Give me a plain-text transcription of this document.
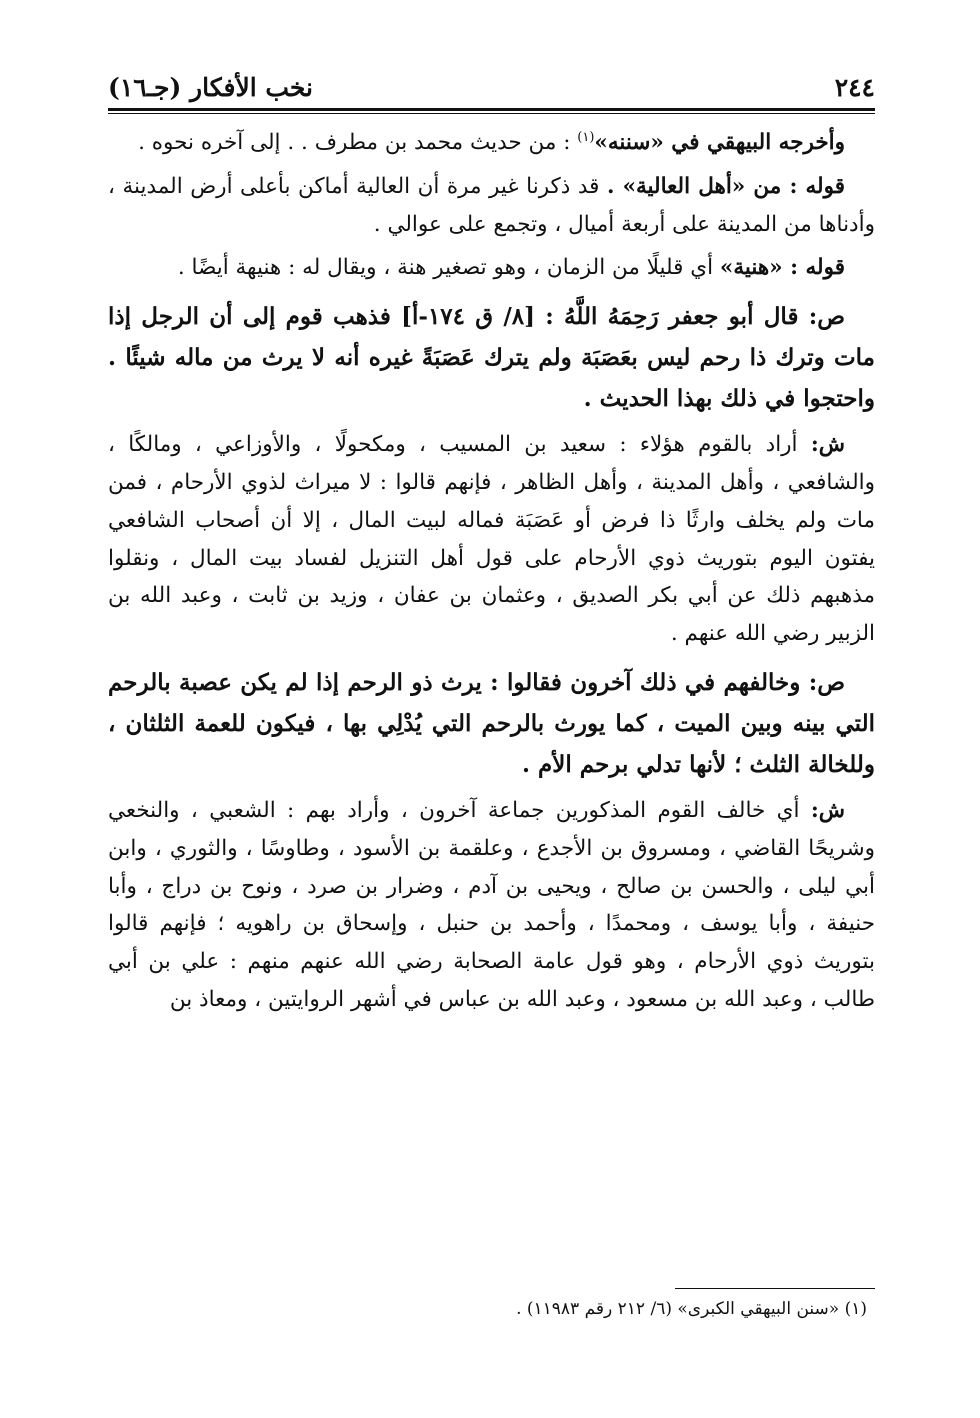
٢٤٤
نخب الأفكار (جـ١٦)

وأخرجه البيهقي في «سننه»$^{(١)}$ : من حديث محمد بن مطرف . . إلى آخره نحوه .

قوله : من «أهل العالية» . قد ذكرنا غير مرة أن العالية أماكن بأعلى أرض المدينة ، وأدناها من المدينة على أربعة أميال ، وتجمع على عوالي .

قوله : «هنية» أي قليلًا من الزمان ، وهو تصغير هنة ، ويقال له : هنيهة أيضًا .

ص: قال أبو جعفر رَحِمَهُ اللَّهُ : [٨/ ق ١٧٤-أ] فذهب قوم إلى أن الرجل إذا مات وترك ذا رحم ليس بعَصَبَة ولم يترك عَصَبَةً غيره أنه لا يرث من ماله شيئًا . واحتجوا في ذلك بهذا الحديث .

ش: أراد بالقوم هؤلاء : سعيد بن المسيب ، ومكحولًا ، والأوزاعي ، ومالكًا ، والشافعي ، وأهل المدينة ، وأهل الظاهر ، فإنهم قالوا : لا ميراث لذوي الأرحام ، فمن مات ولم يخلف وارثًا ذا فرض أو عَصَبَة فماله لبيت المال ، إلا أن أصحاب الشافعي يفتون اليوم بتوريث ذوي الأرحام على قول أهل التنزيل لفساد بيت المال ، ونقلوا مذهبهم ذلك عن أبي بكر الصديق ، وعثمان بن عفان ، وزيد بن ثابت ، وعبد الله بن الزبير رضي الله عنهم .

ص: وخالفهم في ذلك آخرون فقالوا : يرث ذو الرحم إذا لم يكن عصبة بالرحم التي بينه وبين الميت ، كما يورث بالرحم التي يُدْلِي بها ، فيكون للعمة الثلثان ، وللخالة الثلث ؛ لأنها تدلي برحم الأم .

ش: أي خالف القوم المذكورين جماعة آخرون ، وأراد بهم : الشعبي ، والنخعي وشريحًا القاضي ، ومسروق بن الأجدع ، وعلقمة بن الأسود ، وطاوسًا ، والثوري ، وابن أبي ليلى ، والحسن بن صالح ، ويحيى بن آدم ، وضرار بن صرد ، ونوح بن دراج ، وأبا حنيفة ، وأبا يوسف ، ومحمدًا ، وأحمد بن حنبل ، وإسحاق بن راهويه ؛ فإنهم قالوا بتوريث ذوي الأرحام ، وهو قول عامة الصحابة رضي الله عنهم منهم : علي بن أبي طالب ، وعبد الله بن مسعود ، وعبد الله بن عباس في أشهر الروايتين ، ومعاذ بن

(١) «سنن البيهقي الكبرى» (٦/ ٢١٢ رقم ١١٩٨٣) .
